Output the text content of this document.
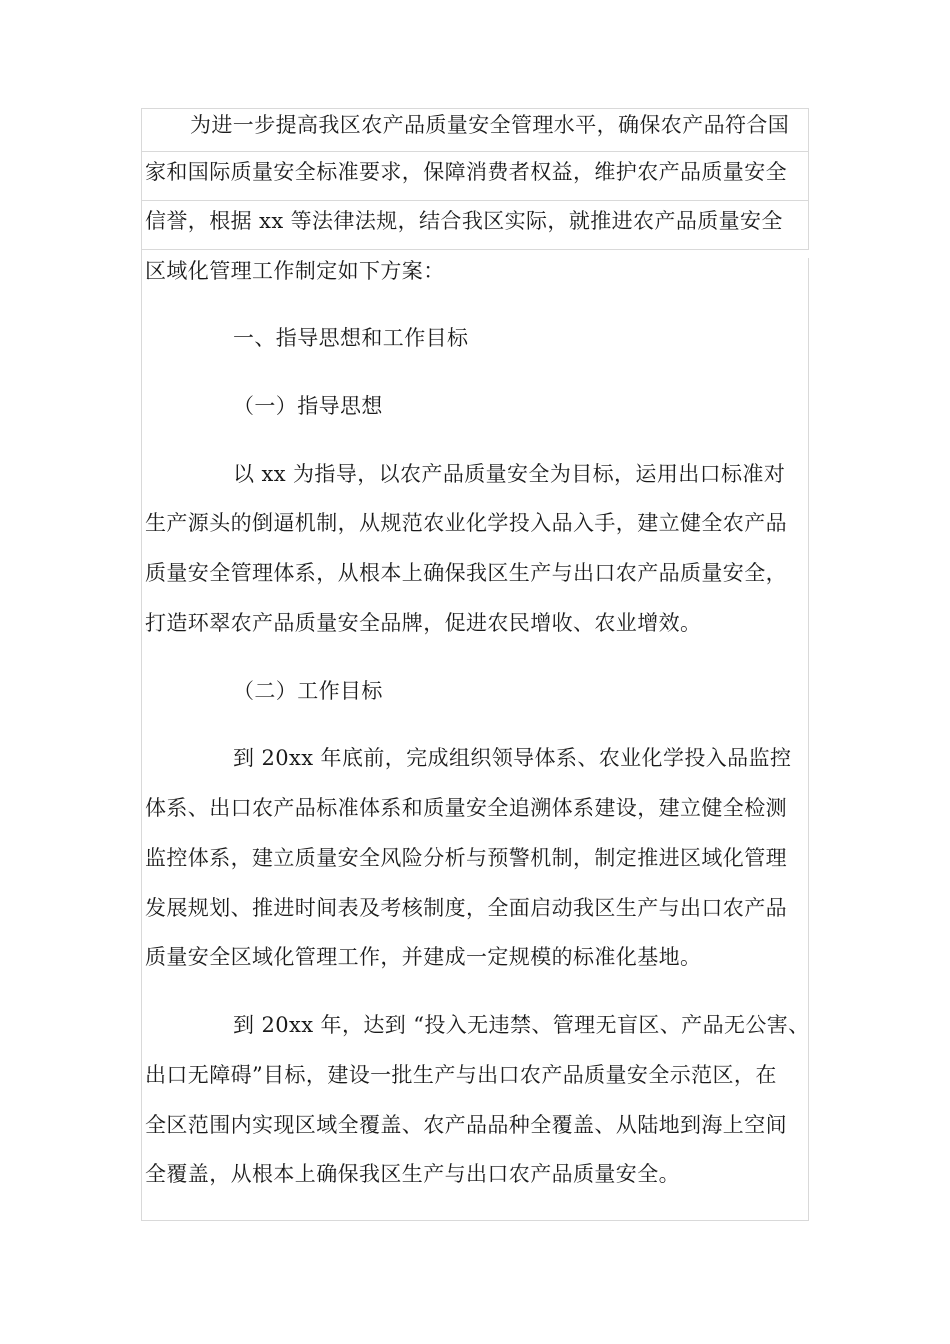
为进一步提高我区农产品质量安全管理水平，确保农产品符合国
家和国际质量安全标准要求，保障消费者权益，维护农产品质量安全
信誉，根据 xx 等法律法规，结合我区实际，就推进农产品质量安全
区域化管理工作制定如下方案：
一、指导思想和工作目标
（一）指导思想
以 xx 为指导，以农产品质量安全为目标，运用出口标准对
生产源头的倒逼机制，从规范农业化学投入品入手，建立健全农产品
质量安全管理体系，从根本上确保我区生产与出口农产品质量安全，
打造环翠农产品质量安全品牌，促进农民增收、农业增效。
（二）工作目标
到 20xx 年底前，完成组织领导体系、农业化学投入品监控
体系、出口农产品标准体系和质量安全追溯体系建设，建立健全检测
监控体系，建立质量安全风险分析与预警机制，制定推进区域化管理
发展规划、推进时间表及考核制度，全面启动我区生产与出口农产品
质量安全区域化管理工作，并建成一定规模的标准化基地。
到 20xx 年，达到 “投入无违禁、管理无盲区、产品无公害、
出口无障碍”目标，建设一批生产与出口农产品质量安全示范区，在
全区范围内实现区域全覆盖、农产品品种全覆盖、从陆地到海上空间
全覆盖，从根本上确保我区生产与出口农产品质量安全。
